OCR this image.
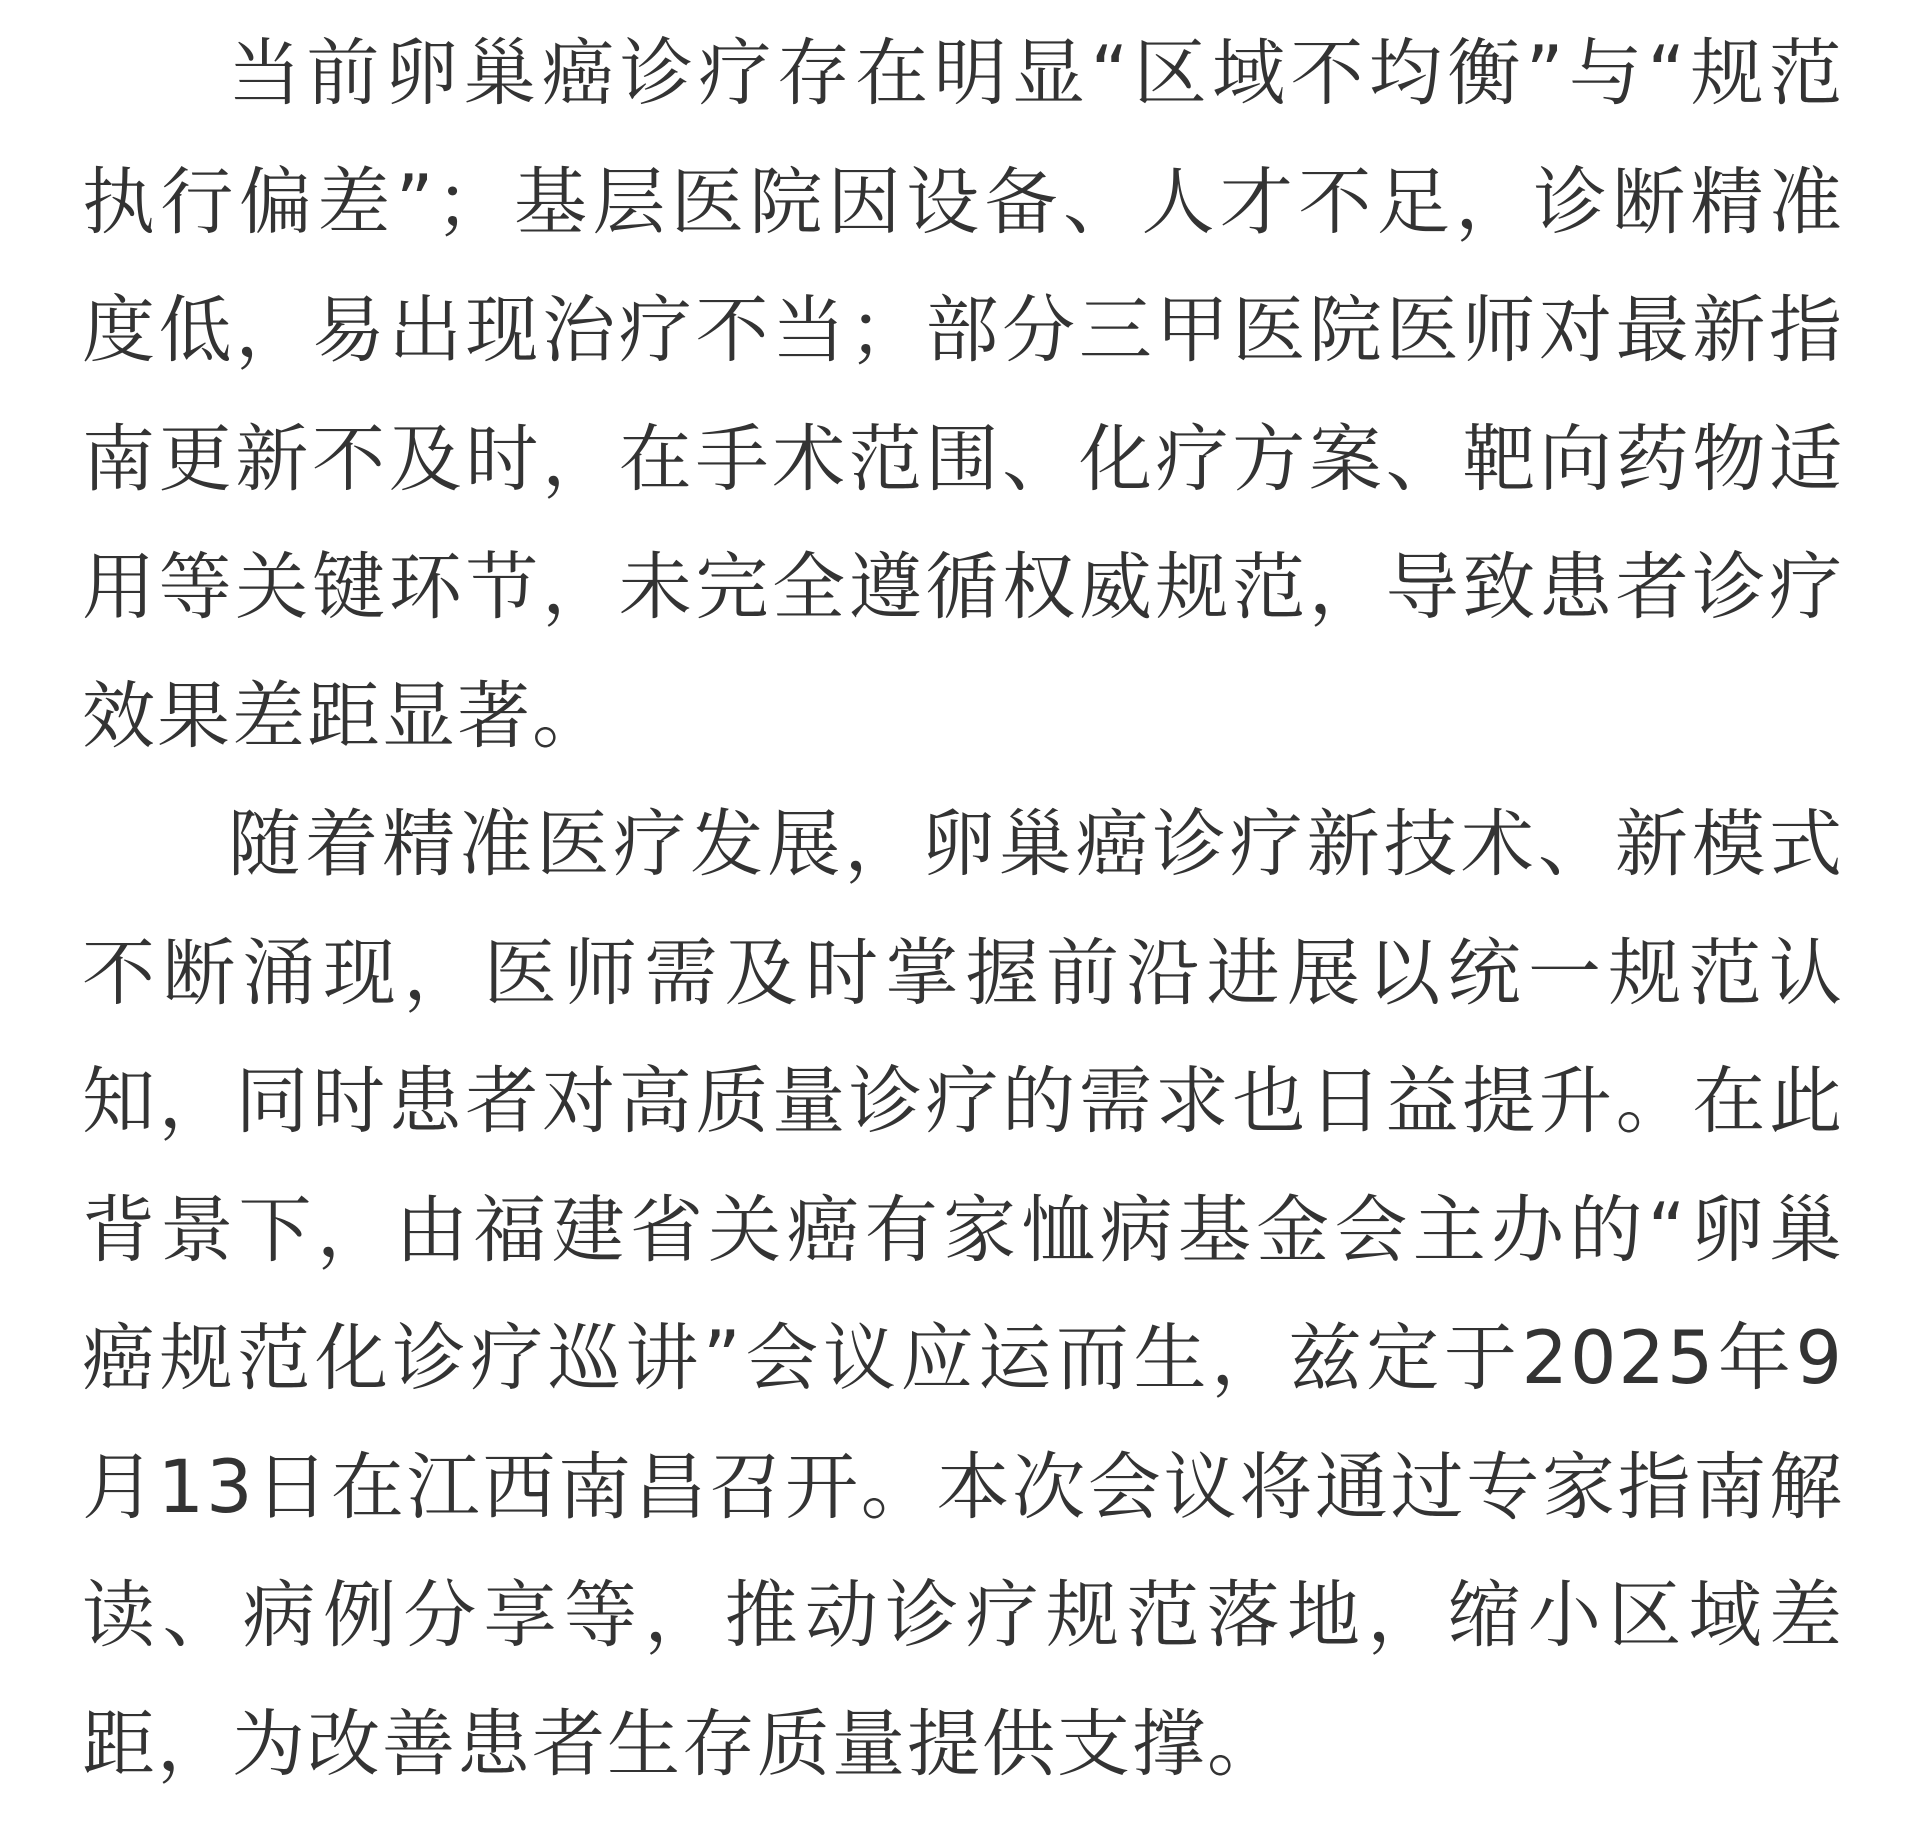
当前卵巢癌诊疗存在明显“区域不均衡”与“规范执行偏差”；基层医院因设备、人才不足，诊断精准度低，易出现治疗不当；部分三甲医院医师对最新指南更新不及时，在手术范围、化疗方案、靶向药物适用等关键环节，未完全遵循权威规范，导致患者诊疗效果差距显著。

随着精准医疗发展，卵巢癌诊疗新技术、新模式不断涌现，医师需及时掌握前沿进展以统一规范认知，同时患者对高质量诊疗的需求也日益提升。在此背景下，由福建省关癌有家恤病基金会主办的“卵巢癌规范化诊疗巡讲”会议应运而生，兹定于2025年9月13日在江西南昌召开。本次会议将通过专家指南解读、病例分享等，推动诊疗规范落地，缩小区域差距，为改善患者生存质量提供支撑。
